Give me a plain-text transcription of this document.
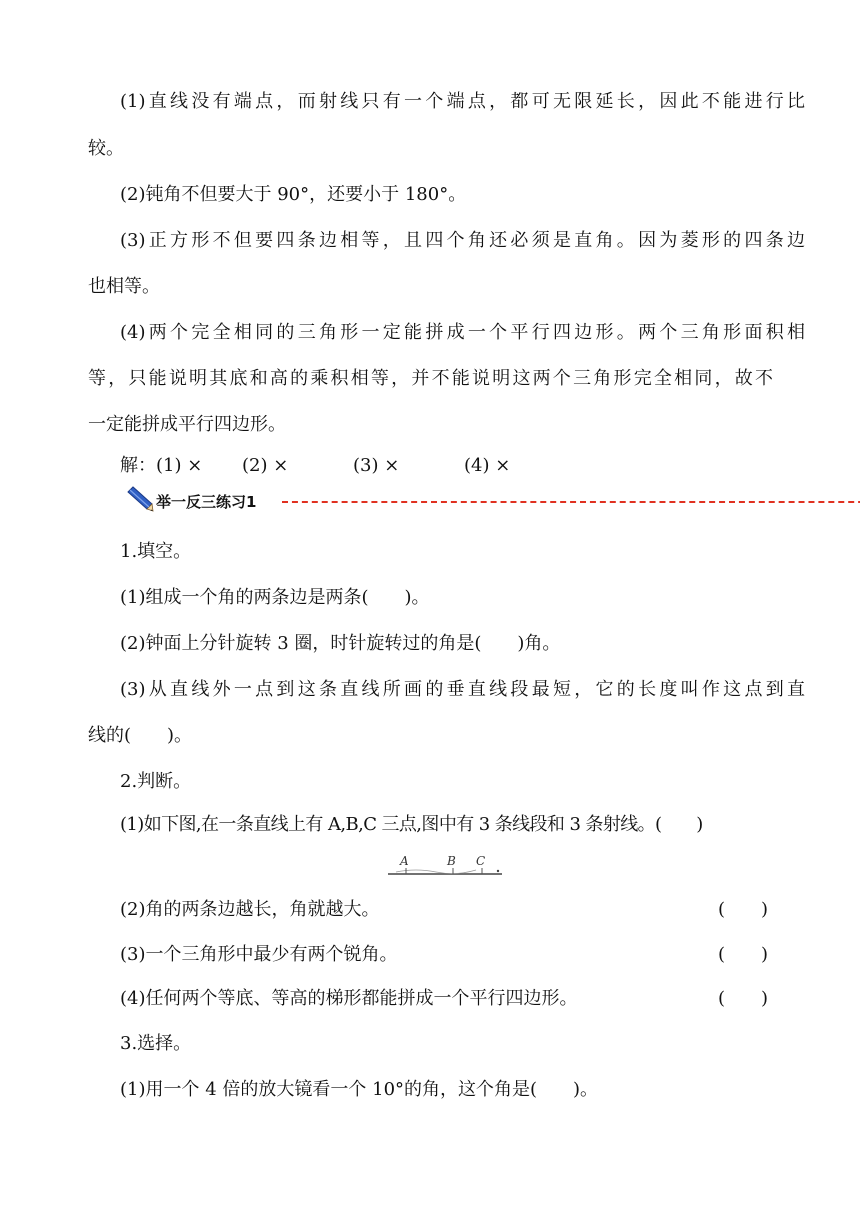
(1)直线没有端点，而射线只有一个端点，都可无限延长，因此不能进行比
较。
(2)钝角不但要大于 90°，还要小于 180°。
(3)正方形不但要四条边相等，且四个角还必须是直角。因为菱形的四条边
也相等。
(4)两个完全相同的三角形一定能拼成一个平行四边形。两个三角形面积相
等，只能说明其底和高的乘积相等，并不能说明这两个三角形完全相同，故不
一定能拼成平行四边形。
解：(1) × (2) ×	(3) ×	(4) ×
举一反三练习1
1.填空。
(1)组成一个角的两条边是两条(　　)。
(2)钟面上分针旋转 3 圈，时针旋转过的角是(　　)角。
(3)从直线外一点到这条直线所画的垂直线段最短，它的长度叫作这点到直
线的(　　)。
2.判断。
(1)如下图,在一条直线上有 A,B,C 三点,图中有 3 条线段和 3 条射线。(　　)
A	B C
(2)角的两条边越长，角就越大。	(　　)
(3)一个三角形中最少有两个锐角。	(　　)
(4)任何两个等底、等高的梯形都能拼成一个平行四边形。	(　　)
3.选择。
(1)用一个 4 倍的放大镜看一个 10°的角，这个角是(　　)。
